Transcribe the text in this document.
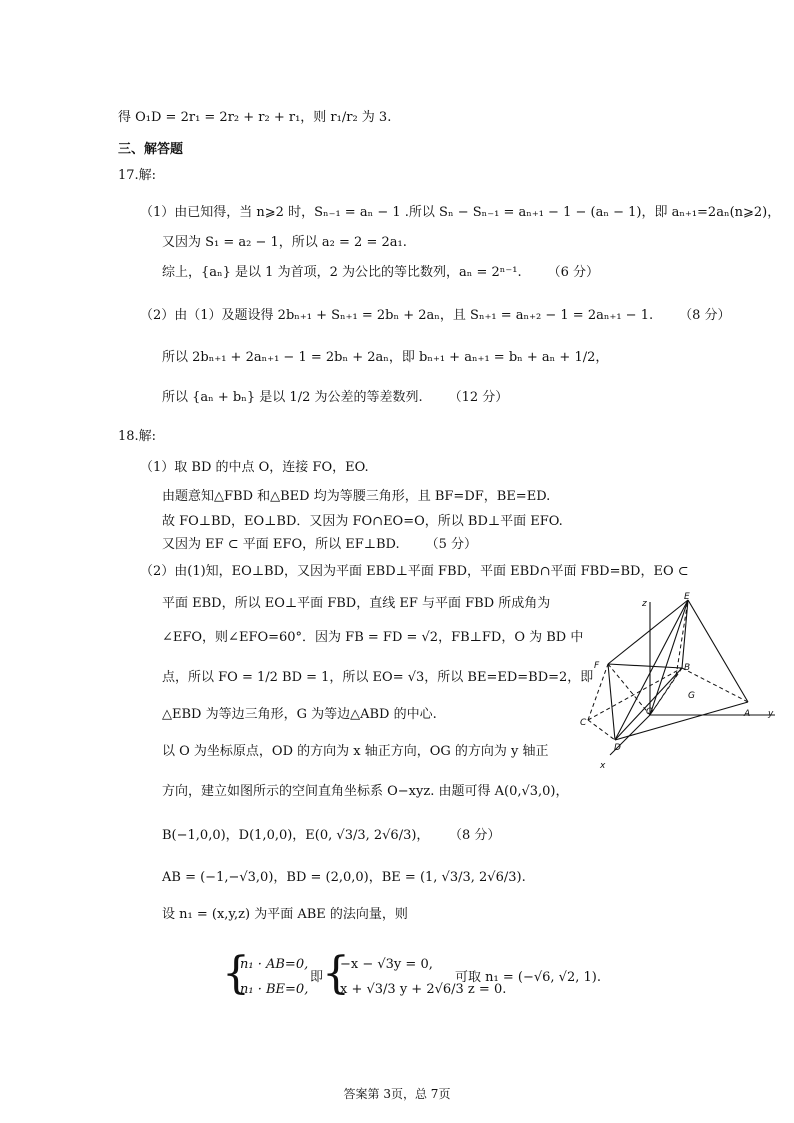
得 O₁D = 2r₁ = 2r₂ + r₂ + r₁，则 r₁/r₂ 为 3.
三、解答题
17.解:
（1）由已知得，当 n⩾2 时，Sₙ₋₁ = aₙ − 1 .所以 Sₙ − Sₙ₋₁ = aₙ₊₁ − 1 − (aₙ − 1)，即 aₙ₊₁=2aₙ(n⩾2)，
又因为 S₁ = a₂ − 1，所以 a₂ = 2 = 2a₁.
综上，{aₙ} 是以 1 为首项，2 为公比的等比数列，aₙ = 2ⁿ⁻¹. （6 分）
（2）由（1）及题设得 2bₙ₊₁ + Sₙ₊₁ = 2bₙ + 2aₙ，且 Sₙ₊₁ = aₙ₊₂ − 1 = 2aₙ₊₁ − 1. （8 分）
所以 2bₙ₊₁ + 2aₙ₊₁ − 1 = 2bₙ + 2aₙ，即 bₙ₊₁ + aₙ₊₁ = bₙ + aₙ + 1/2，
所以 {aₙ + bₙ} 是以 1/2 为公差的等差数列. （12 分）
18.解:
（1）取 BD 的中点 O，连接 FO，EO.
由题意知△FBD 和△BED 均为等腰三角形，且 BF=DF，BE=ED.
故 FO⊥BD，EO⊥BD．又因为 FO∩EO=O，所以 BD⊥平面 EFO.
又因为 EF ⊂ 平面 EFO，所以 EF⊥BD. （5 分）
（2）由(1)知，EO⊥BD，又因为平面 EBD⊥平面 FBD，平面 EBD∩平面 FBD=BD，EO ⊂
平面 EBD，所以 EO⊥平面 FBD，直线 EF 与平面 FBD 所成角为
∠EFO，则∠EFO=60°．因为 FB = FD = √2，FB⊥FD，O 为 BD 中
点，所以 FO = 1/2 BD = 1，所以 EO= √3，所以 BE=ED=BD=2，即
△EBD 为等边三角形，G 为等边△ABD 的中心.
以 O 为坐标原点，OD 的方向为 x 轴正方向，OG 的方向为 y 轴正
方向，建立如图所示的空间直角坐标系 O−xyz. 由题可得 A(0,√3,0)，
B(−1,0,0)，D(1,0,0)，E(0, √3/3, 2√6/3)， （8 分）
AB = (−1,−√3,0)，BD = (2,0,0)，BE = (1, √3/3, 2√6/3).
设 n₁ = (x,y,z) 为平面 ABE 的法向量，则
{
n₁ · AB=0,
n₁ · BE=0,
即
{
−x − √3y = 0,
x + √3/3 y + 2√6/3 z = 0.
可取 n₁ = (−√6, √2, 1).
z
E
F	B
G
O	A y
C
D
x
答案第 3页，总 7页
